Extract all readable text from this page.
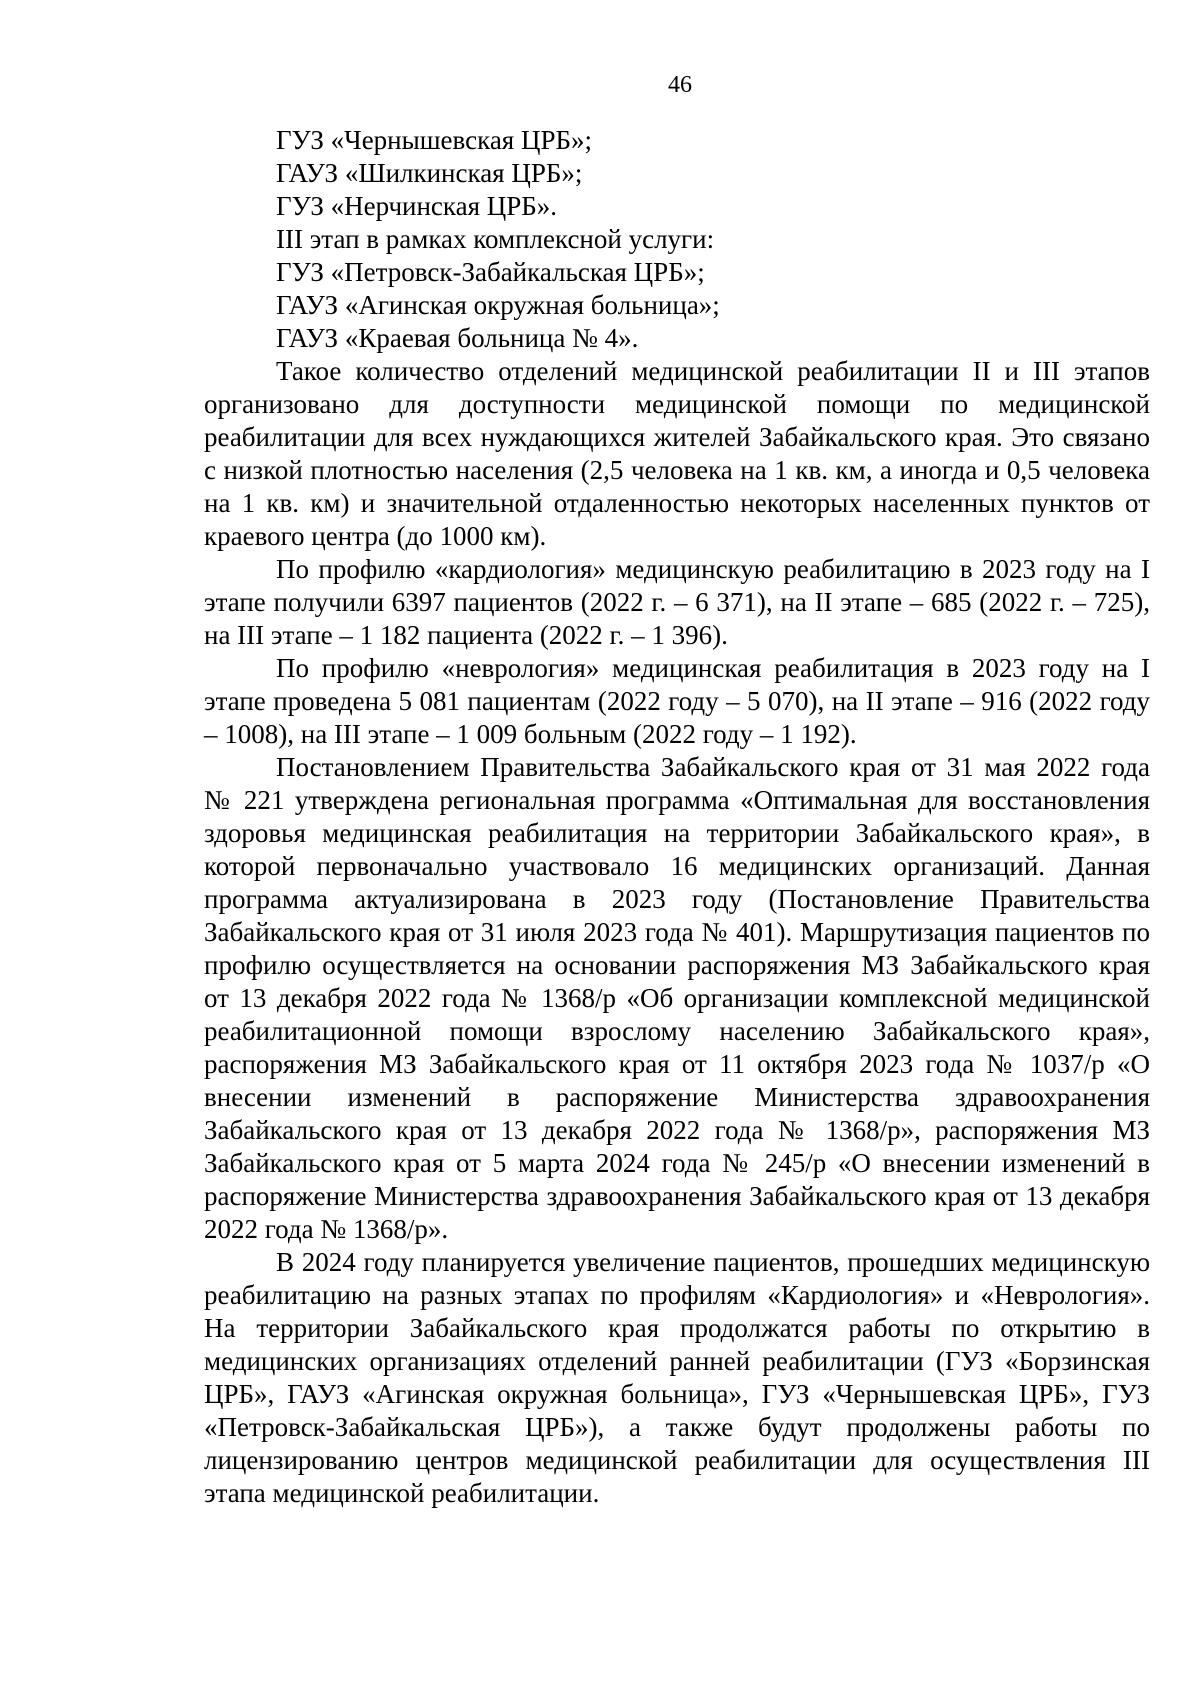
46

ГУЗ «Чернышевская ЦРБ»;

ГАУЗ «Шилкинская ЦРБ»;

ГУЗ «Нерчинская ЦРБ».

III этап в рамках комплексной услуги:

ГУЗ «Петровск-Забайкальская ЦРБ»;

ГАУЗ «Агинская окружная больница»;

ГАУЗ «Краевая больница № 4».

Такое количество отделений медицинской реабилитации II и III этапов организовано для доступности медицинской помощи по медицинской реабилитации для всех нуждающихся жителей Забайкальского края. Это связано с низкой плотностью населения (2,5 человека на 1 кв. км, а иногда и 0,5 человека на 1 кв. км) и значительной отдаленностью некоторых населенных пунктов от краевого центра (до 1000 км).

По профилю «кардиология» медицинскую реабилитацию в 2023 году на I этапе получили 6397 пациентов (2022 г. – 6 371), на II этапе – 685 (2022 г. – 725), на III этапе – 1 182 пациента (2022 г. – 1 396).

По профилю «неврология» медицинская реабилитация в 2023 году на I этапе проведена 5 081 пациентам (2022 году – 5 070), на II этапе – 916 (2022 году – 1008), на III этапе – 1 009 больным (2022 году – 1 192).

Постановлением Правительства Забайкальского края от 31 мая 2022 года № 221 утверждена региональная программа «Оптимальная для восстановления здоровья медицинская реабилитация на территории Забайкальского края», в которой первоначально участвовало 16 медицинских организаций. Данная программа актуализирована в 2023 году (Постановление Правительства Забайкальского края от 31 июля 2023 года № 401). Маршрутизация пациентов по профилю осуществляется на основании распоряжения МЗ Забайкальского края от 13 декабря 2022 года № 1368/р «Об организации комплексной медицинской реабилитационной помощи взрослому населению Забайкальского края», распоряжения МЗ Забайкальского края от 11 октября 2023 года № 1037/р «О внесении изменений в распоряжение Министерства здравоохранения Забайкальского края от 13 декабря 2022 года № 1368/р», распоряжения МЗ Забайкальского края от 5 марта 2024 года № 245/р «О внесении изменений в распоряжение Министерства здравоохранения Забайкальского края от 13 декабря 2022 года № 1368/р».

В 2024 году планируется увеличение пациентов, прошедших медицинскую реабилитацию на разных этапах по профилям «Кардиология» и «Неврология». На территории Забайкальского края продолжатся работы по открытию в медицинских организациях отделений ранней реабилитации (ГУЗ «Борзинская ЦРБ», ГАУЗ «Агинская окружная больница», ГУЗ «Чернышевская ЦРБ», ГУЗ «Петровск-Забайкальская ЦРБ»), а также будут продолжены работы по лицензированию центров медицинской реабилитации для осуществления III этапа медицинской реабилитации.
